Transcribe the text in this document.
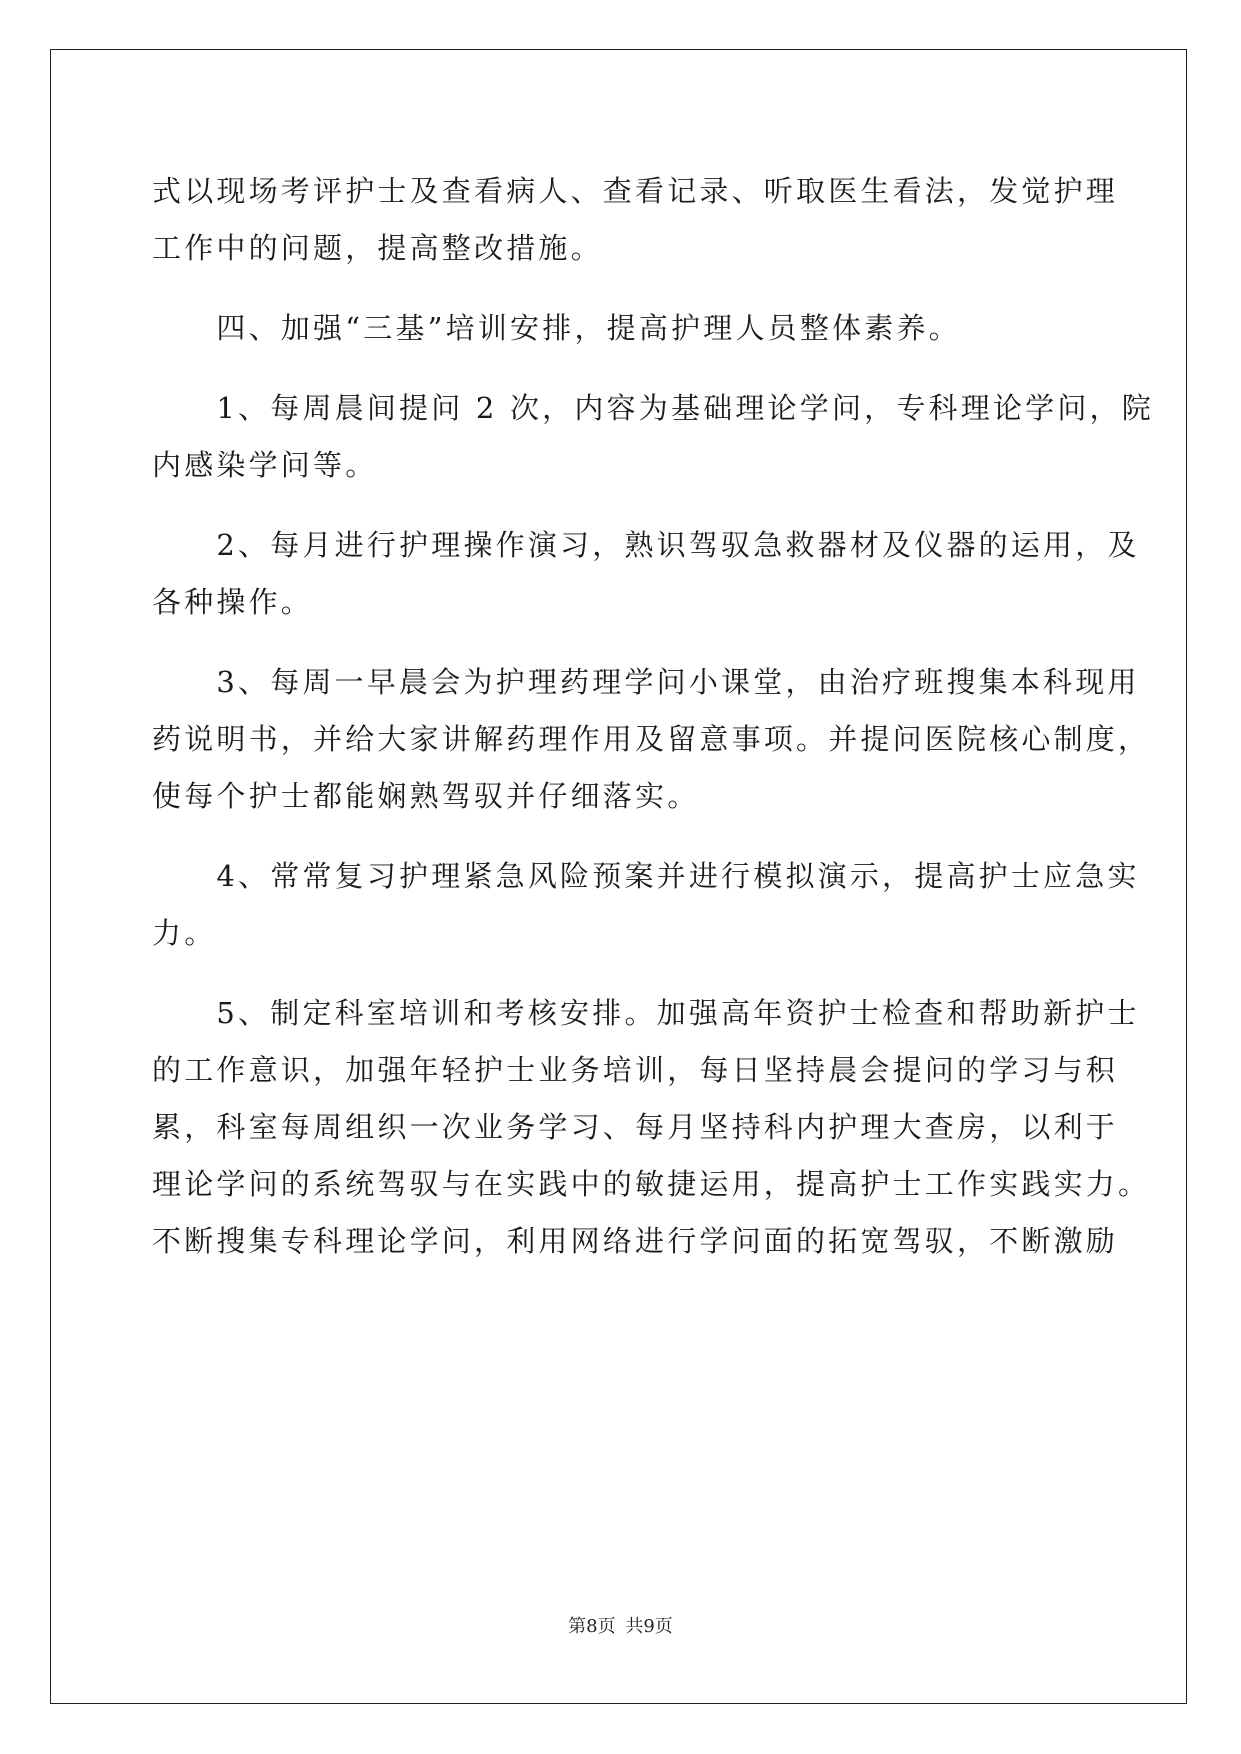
式以现场考评护士及查看病人、查看记录、听取医生看法，发觉护理
工作中的问题，提高整改措施。
　　四、加强“三基”培训安排，提高护理人员整体素养。
　　1、每周晨间提问 2 次，内容为基础理论学问，专科理论学问，院
内感染学问等。
　　2、每月进行护理操作演习，熟识驾驭急救器材及仪器的运用，及
各种操作。
　　3、每周一早晨会为护理药理学问小课堂，由治疗班搜集本科现用
药说明书，并给大家讲解药理作用及留意事项。并提问医院核心制度，
使每个护士都能娴熟驾驭并仔细落实。
　　4、常常复习护理紧急风险预案并进行模拟演示，提高护士应急实
力。
　　5、制定科室培训和考核安排。加强高年资护士检查和帮助新护士
的工作意识，加强年轻护士业务培训，每日坚持晨会提问的学习与积
累，科室每周组织一次业务学习、每月坚持科内护理大查房，以利于
理论学问的系统驾驭与在实践中的敏捷运用，提高护士工作实践实力。
不断搜集专科理论学问，利用网络进行学问面的拓宽驾驭，不断激励
第8页 共9页
